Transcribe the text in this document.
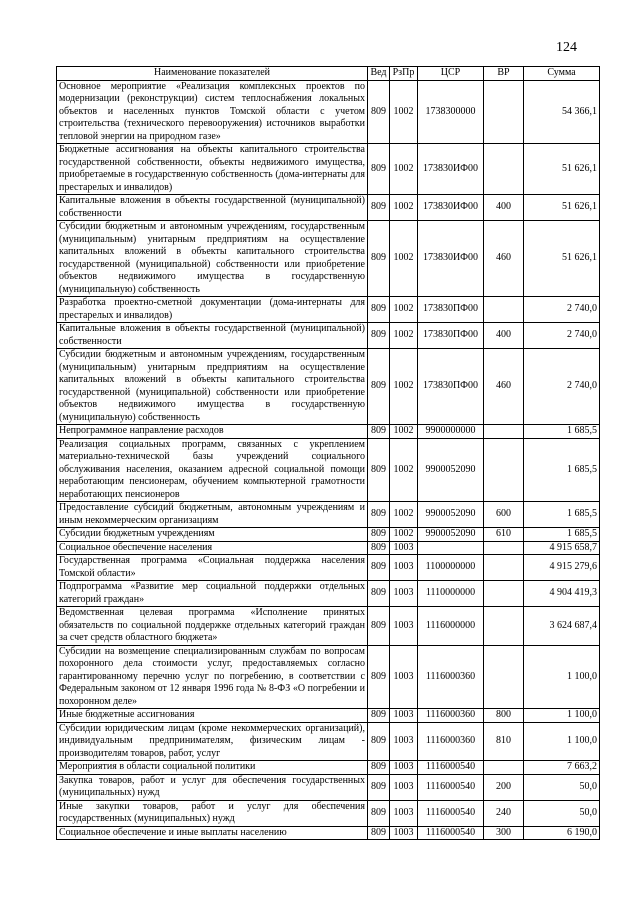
124
Наименование показателей	Вед	РзПр	ЦСР	ВР	Сумма
Основное мероприятие «Реализация комплексных проектов по модернизации (реконструкции) систем теплоснабжения локальных объектов и населенных пунктов Томской области с учетом строительства (технического перевооружения) источников выработки тепловой энергии на природном газе»	809	1002	1738300000		54 366,1
Бюджетные ассигнования на объекты капитального строительства государственной собственности, объекты недвижимого имущества, приобретаемые в государственную собственность (дома-интернаты для престарелых и инвалидов)	809	1002	173830ИФ00		51 626,1
Капитальные вложения в объекты государственной (муниципальной) собственности	809	1002	173830ИФ00	400	51 626,1
Субсидии бюджетным и автономным учреждениям, государственным (муниципальным) унитарным предприятиям на осуществление капитальных вложений в объекты капитального строительства государственной (муниципальной) собственности или приобретение объектов недвижимого имущества в государственную (муниципальную) собственность	809	1002	173830ИФ00	460	51 626,1
Разработка проектно-сметной документации (дома-интернаты для престарелых и инвалидов)	809	1002	173830ПФ00		2 740,0
Капитальные вложения в объекты государственной (муниципальной) собственности	809	1002	173830ПФ00	400	2 740,0
Субсидии бюджетным и автономным учреждениям, государственным (муниципальным) унитарным предприятиям на осуществление капитальных вложений в объекты капитального строительства государственной (муниципальной) собственности или приобретение объектов недвижимого имущества в государственную (муниципальную) собственность	809	1002	173830ПФ00	460	2 740,0
Непрограммное направление расходов	809	1002	9900000000		1 685,5
Реализация социальных программ, связанных с укреплением материально-технической базы учреждений социального обслуживания населения, оказанием адресной социальной помощи неработающим пенсионерам, обучением компьютерной грамотности неработающих пенсионеров	809	1002	9900052090		1 685,5
Предоставление субсидий бюджетным, автономным учреждениям и иным некоммерческим организациям	809	1002	9900052090	600	1 685,5
Субсидии бюджетным учреждениям	809	1002	9900052090	610	1 685,5
Социальное обеспечение населения	809	1003			4 915 658,7
Государственная программа «Социальная поддержка населения Томской области»	809	1003	1100000000		4 915 279,6
Подпрограмма «Развитие мер социальной поддержки отдельных категорий граждан»	809	1003	1110000000		4 904 419,3
Ведомственная целевая программа «Исполнение принятых обязательств по социальной поддержке отдельных категорий граждан за счет средств областного бюджета»	809	1003	1116000000		3 624 687,4
Субсидии на возмещение специализированным службам по вопросам похоронного дела стоимости услуг, предоставляемых согласно гарантированному перечню услуг по погребению, в соответствии с Федеральным законом от 12 января 1996 года № 8-ФЗ «О погребении и похоронном деле»	809	1003	1116000360		1 100,0
Иные бюджетные ассигнования	809	1003	1116000360	800	1 100,0
Субсидии юридическим лицам (кроме некоммерческих организаций), индивидуальным предпринимателям, физическим лицам - производителям товаров, работ, услуг	809	1003	1116000360	810	1 100,0
Мероприятия в области социальной политики	809	1003	1116000540		7 663,2
Закупка товаров, работ и услуг для обеспечения государственных (муниципальных) нужд	809	1003	1116000540	200	50,0
Иные закупки товаров, работ и услуг для обеспечения государственных (муниципальных) нужд	809	1003	1116000540	240	50,0
Социальное обеспечение и иные выплаты населению	809	1003	1116000540	300	6 190,0
